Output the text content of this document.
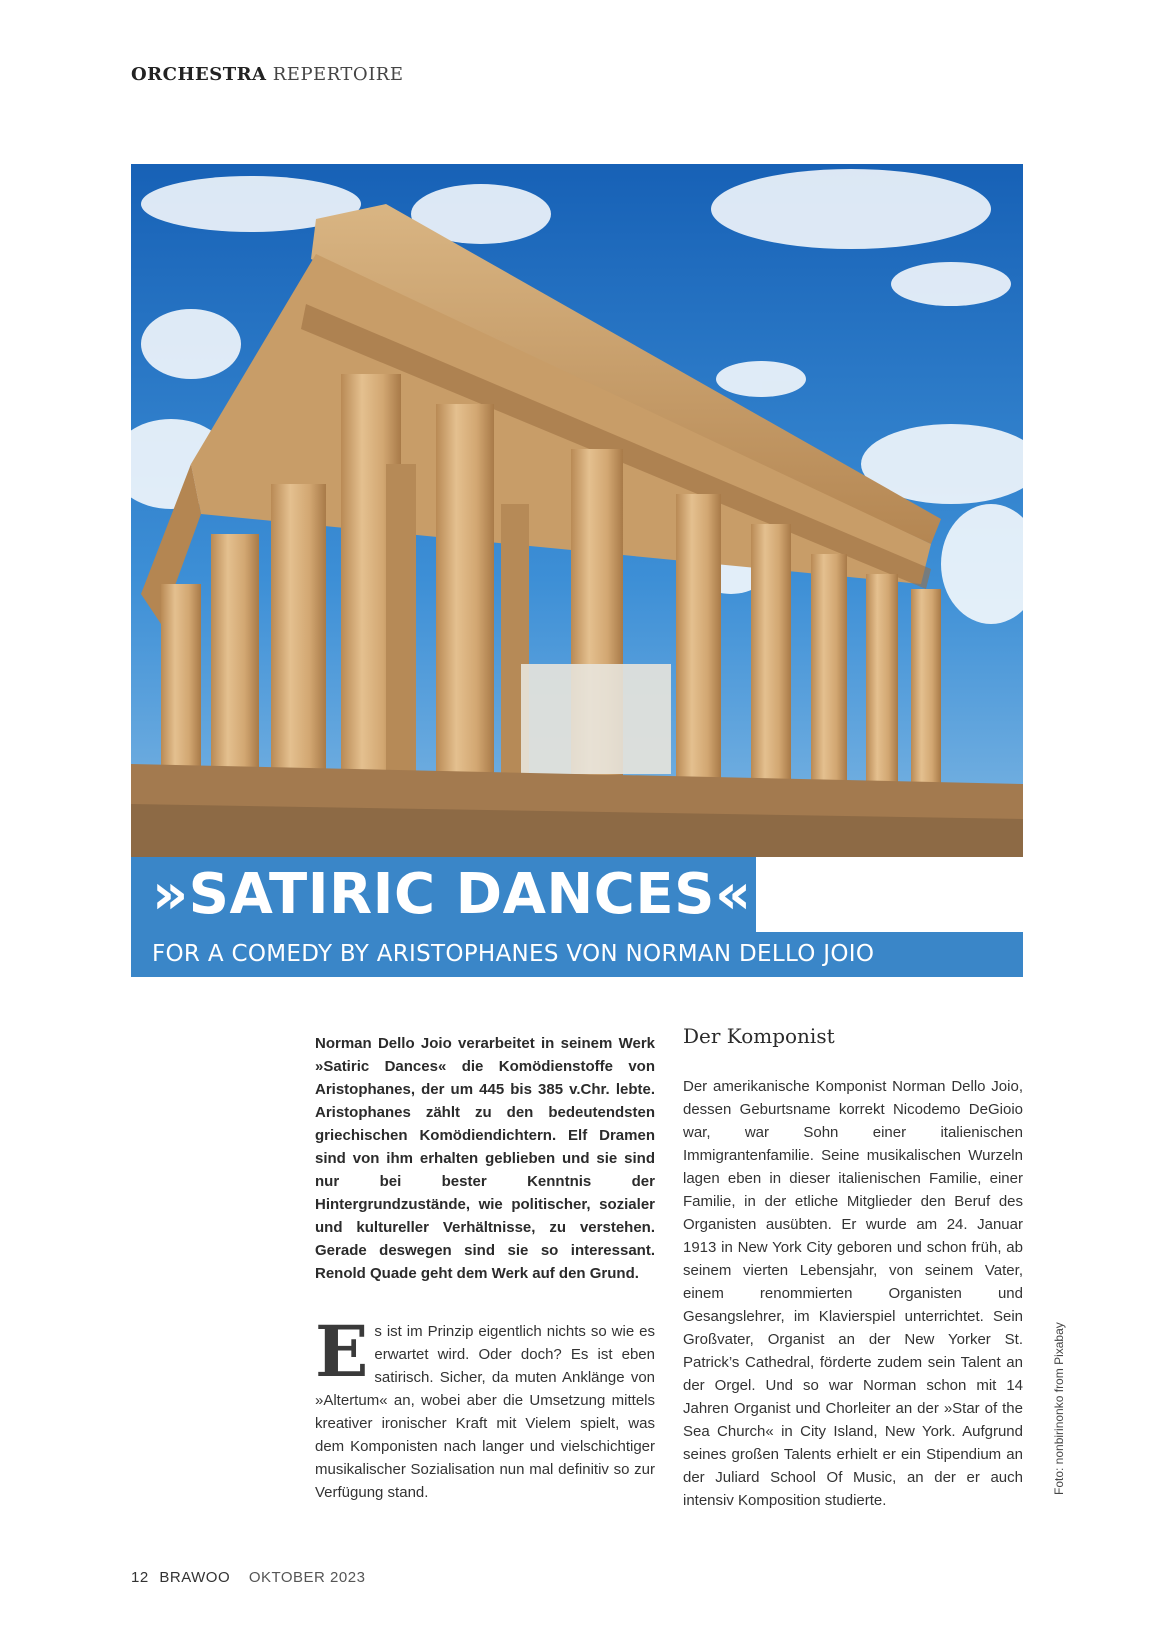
ORCHESTRA REPERTOIRE
»SATIRIC DANCES«
FOR A COMEDY BY ARISTOPHANES VON NORMAN DELLO JOIO
Norman Dello Joio verarbeitet in seinem Werk »Satiric Dances« die Komödienstoffe von Aristophanes, der um 445 bis 385 v.Chr. lebte. Aristophanes zählt zu den bedeutendsten griechischen Komödiendichtern. Elf Dramen sind von ihm erhalten geblieben und sie sind nur bei bester Kenntnis der Hintergrundzustände, wie politischer, sozialer und kultureller Verhältnisse, zu verstehen. Gerade deswegen sind sie so interessant. Renold Quade geht dem Werk auf den Grund.
Es ist im Prinzip eigentlich nichts so wie es erwartet wird. Oder doch? Es ist eben satirisch. Sicher, da muten Anklänge von »Altertum« an, wobei aber die Umsetzung mittels kreativer ironischer Kraft mit Vielem spielt, was dem Komponisten nach langer und vielschichtiger musikalischer Sozialisation nun mal definitiv so zur Verfügung stand.
Der Komponist
Der amerikanische Komponist Norman Dello Joio, dessen Geburtsname korrekt Nicodemo DeGioio war, war Sohn einer italienischen Immigrantenfamilie. Seine musikalischen Wurzeln lagen eben in dieser italienischen Familie, einer Familie, in der etliche Mitglieder den Beruf des Organisten ausübten. Er wurde am 24. Januar 1913 in New York City geboren und schon früh, ab seinem vierten Lebensjahr, von seinem Vater, einem renommierten Organisten und Gesangslehrer, im Klavierspiel unterrichtet. Sein Großvater, Organist an der New Yorker St. Patrick’s Cathedral, förderte zudem sein Talent an der Orgel. Und so war Norman schon mit 14 Jahren Organist und Chorleiter an der »Star of the Sea Church« in City Island, New York. Aufgrund seines großen Talents erhielt er ein Stipendium an der Juliard School Of Music, an der er auch intensiv Komposition studierte.
Foto: nonbirinonko from Pixabay
12 BRAWOO OKTOBER 2023
